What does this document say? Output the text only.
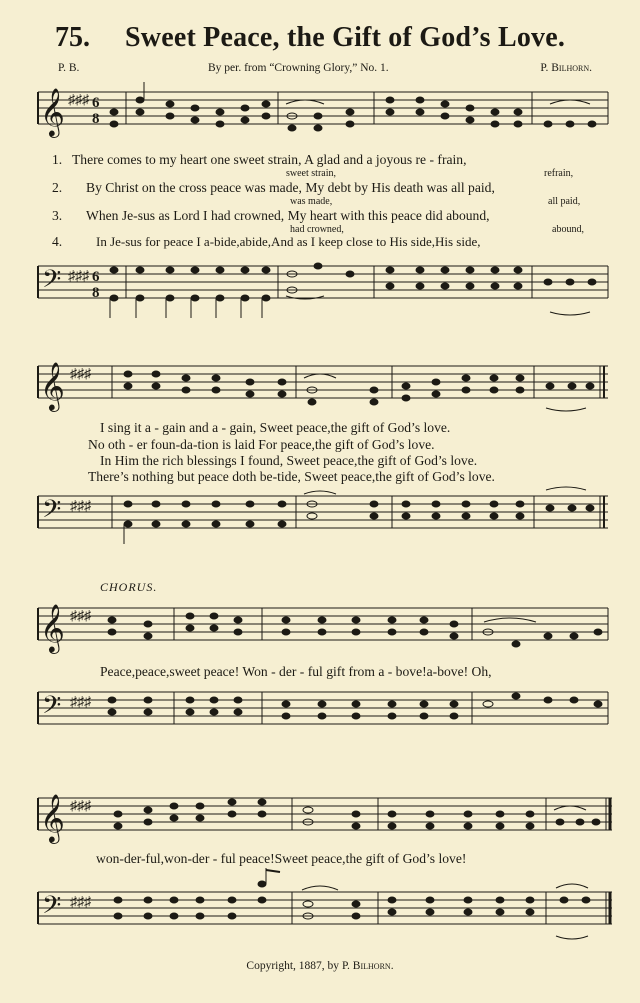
75. Sweet Peace, the Gift of God’s Love.
P. B.	By per. from “Crowning Glory,” No. 1.	P. Bilhorn.
𝄞 ♯♯♯ 6
8
1. There comes to my heart one sweet strain, A glad and a joyous re - frain,
sweet strain,	refrain,
2. By Christ on the cross peace was made, My debt by His death was all paid,
was made,	all paid,
3. When Je-sus as Lord I had crowned, My heart with this peace did abound,
had crowned,	abound,
4.	In Je-sus for peace I a-bide,abide,And as I keep close to His side,His side,
𝄢 ♯♯♯ 6
8
𝄞 ♯♯♯
I sing it a - gain and a - gain, Sweet peace,the gift of God’s love.
No oth - er foun-da-tion is laid For peace,the gift of God’s love.
In Him the rich blessings I found, Sweet peace,the gift of God’s love.
There’s nothing but peace doth be-tide, Sweet peace,the gift of God’s love.
𝄢 ♯♯♯
CHORUS.
𝄞 ♯♯♯
Peace,peace,sweet peace! Won - der - ful gift from a - bove!a-bove! Oh,
𝄢 ♯♯♯
𝄞 ♯♯♯
won-der-ful,won-der - ful peace!Sweet peace,the gift of God’s love!
𝄢 ♯♯♯
Copyright, 1887, by P. Bilhorn.
